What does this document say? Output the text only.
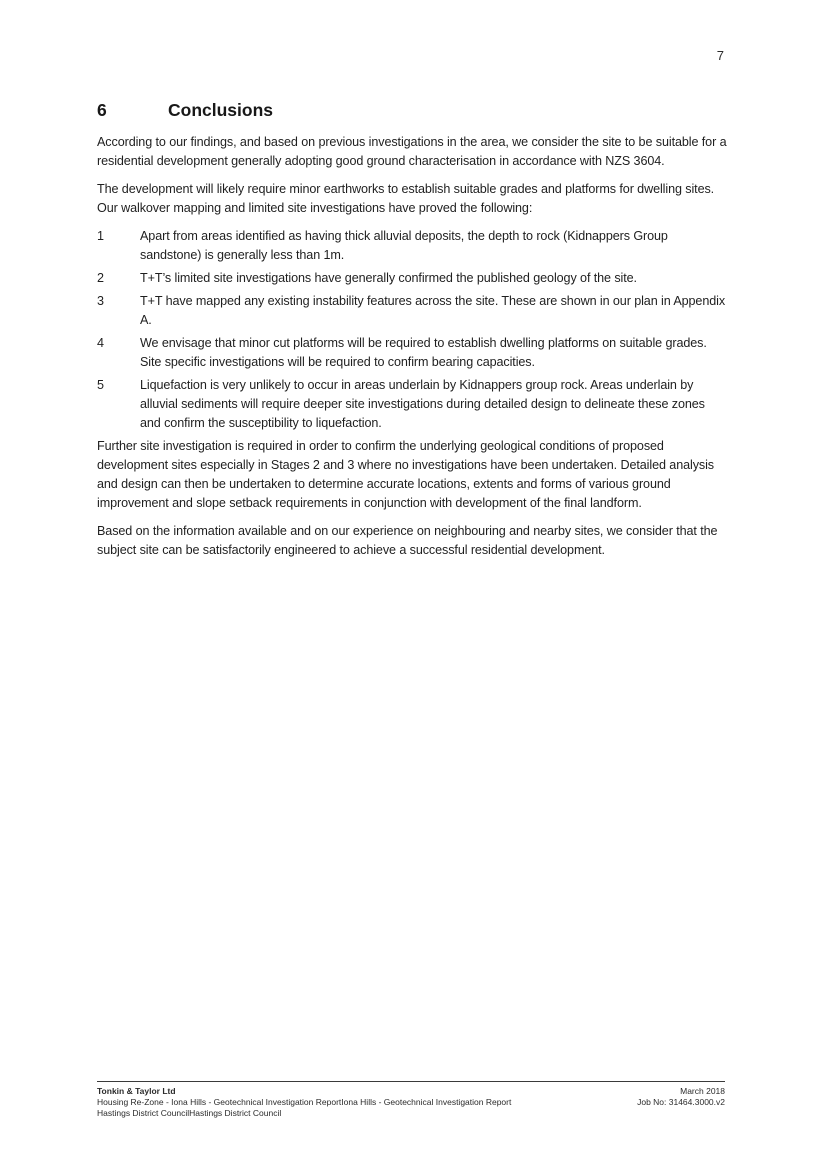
7
6	Conclusions

According to our findings, and based on previous investigations in the area, we consider the site to be suitable for a residential development generally adopting good ground characterisation in accordance with NZS 3604.

The development will likely require minor earthworks to establish suitable grades and platforms for dwelling sites. Our walkover mapping and limited site investigations have proved the following:

1	Apart from areas identified as having thick alluvial deposits, the depth to rock (Kidnappers Group sandstone) is generally less than 1m.
2	T+T’s limited site investigations have generally confirmed the published geology of the site.
3	T+T have mapped any existing instability features across the site. These are shown in our plan in Appendix A.
4	We envisage that minor cut platforms will be required to establish dwelling platforms on suitable grades. Site specific investigations will be required to confirm bearing capacities.
5	Liquefaction is very unlikely to occur in areas underlain by Kidnappers group rock. Areas underlain by alluvial sediments will require deeper site investigations during detailed design to delineate these zones and confirm the susceptibility to liquefaction.

Further site investigation is required in order to confirm the underlying geological conditions of proposed development sites especially in Stages 2 and 3 where no investigations have been undertaken. Detailed analysis and design can then be undertaken to determine accurate locations, extents and forms of various ground improvement and slope setback requirements in conjunction with development of the final landform.

Based on the information available and on our experience on neighbouring and nearby sites, we consider that the subject site can be satisfactorily engineered to achieve a successful residential development.

Tonkin & Taylor Ltd
Housing Re-Zone - Iona Hills - Geotechnical Investigation ReportIona Hills - Geotechnical Investigation Report
Hastings District CouncilHastings District Council
March 2018
Job No: 31464.3000.v2
